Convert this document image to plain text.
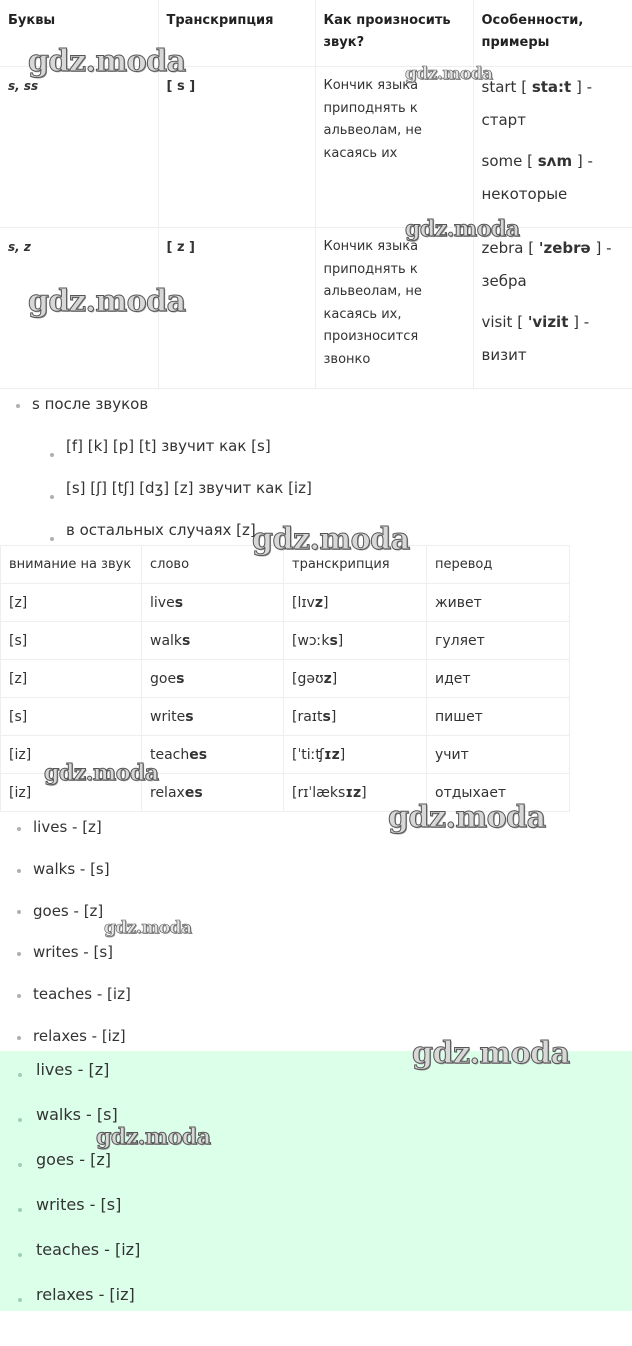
Буквы	Транскрипция	Как произносить звук?	Особенности, примеры
s, ss	[ s ]	Кончик языка приподнять к альвеолам, не касаясь их	start [ sta:t ] - старт

some [ sʌm ] - некоторые

s, z	[ z ]	Кончик языка приподнять к альвеолам, не касаясь их, произносится звонко	zebra [ 'zebrə ] - зебра

visit [ 'vizit ] - визит

s после звуков
[f] [k] [p] [t] звучит как [s]
[s] [ʃ] [tʃ] [dʒ] [z] звучит как [iz]
в остальных случаях [z]
внимание на звук	слово	транскрипция	перевод
[z]	lives	[lɪvz]	живет
[s]	walks	[wɔːks]	гуляет
[z]	goes	[gəʊz]	идет
[s]	writes	[raɪts]	пишет
[iz]	teaches	[ˈtiːʧɪz]	учит
[iz]	relaxes	[rɪˈlæksɪz]	отдыхает
lives - [z]
walks - [s]
goes - [z]
writes - [s]
teaches - [iz]
relaxes - [iz]
lives - [z]
walks - [s]
goes - [z]
writes - [s]
teaches - [iz]
relaxes - [iz]
gdz.moda	gdz.moda
gdz.moda
gdz.moda
gdz.moda
gdz.moda
gdz.moda
gdz.moda
gdz.moda
gdz.moda
